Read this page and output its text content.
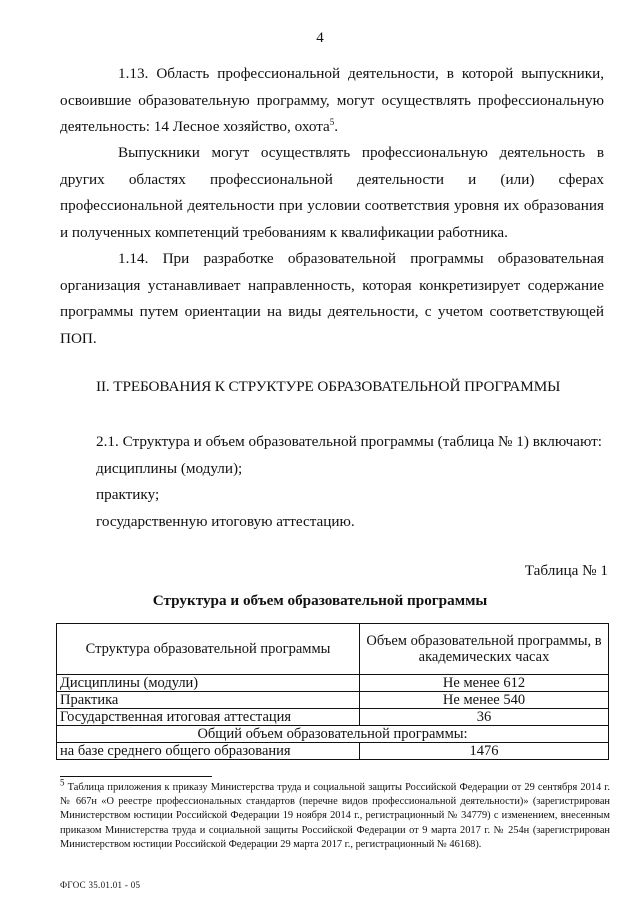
4

1.13. Область профессиональной деятельности, в которой выпускники, освоившие образовательную программу, могут осуществлять профессиональную деятельность: 14 Лесное хозяйство, охота$^5$.

Выпускники могут осуществлять профессиональную деятельность в других областях профессиональной деятельности и (или) сферах профессиональной деятельности при условии соответствия уровня их образования и полученных компетенций требованиям к квалификации работника.

1.14. При разработке образовательной программы образовательная организация устанавливает направленность, которая конкретизирует содержание программы путем ориентации на виды деятельности, с учетом соответствующей ПОП.

II. ТРЕБОВАНИЯ К СТРУКТУРЕ ОБРАЗОВАТЕЛЬНОЙ ПРОГРАММЫ
2.1. Структура и объем образовательной программы (таблица № 1) включают:
дисциплины (модули);
практику;
государственную итоговую аттестацию.
Таблица № 1
Структура и объем образовательной программы
Структура образовательной программы	Объем образовательной программы, в академических часах
Дисциплины (модули)	Не менее 612
Практика	Не менее 540
Государственная итоговая аттестация	36
Общий объем образовательной программы:	
на базе среднего общего образования	1476
$^5$ Таблица приложения к приказу Министерства труда и социальной защиты Российской Федерации от 29 сентября 2014 г. № 667н «О реестре профессиональных стандартов (перечне видов профессиональной деятельности)» (зарегистрирован Министерством юстиции Российской Федерации 19 ноября 2014 г., регистрационный № 34779) с изменением, внесенным приказом Министерства труда и социальной защиты Российской Федерации от 9 марта 2017 г. № 254н (зарегистрирован Министерством юстиции Российской Федерации 29 марта 2017 г., регистрационный № 46168).
ФГОС 35.01.01 - 05
